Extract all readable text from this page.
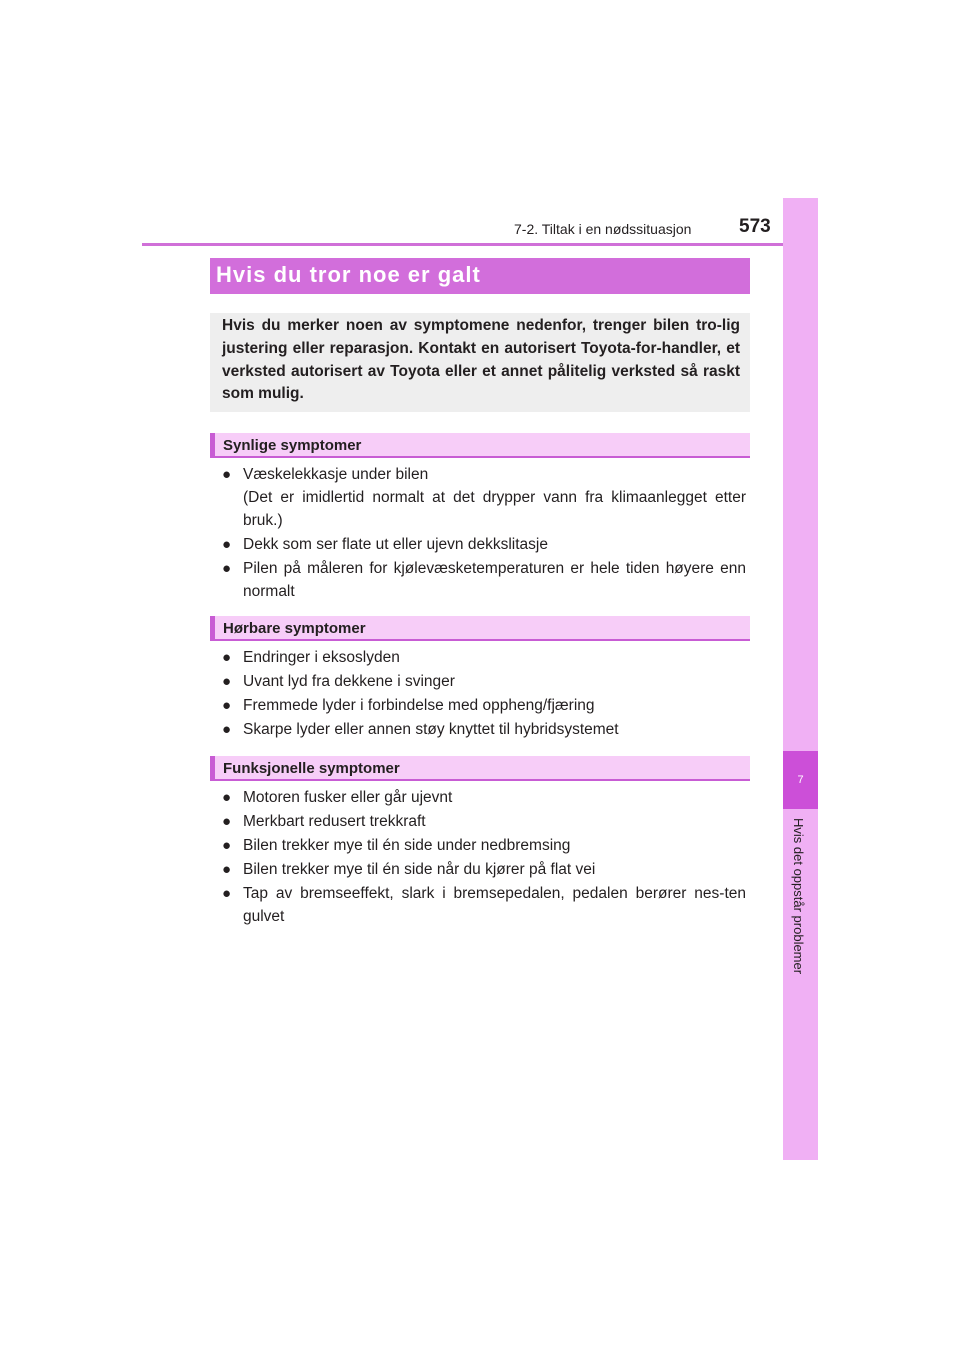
7-2. Tiltak i en nødssituasjon	573
7
Hvis det oppstår problemer
Hvis du tror noe er galt

Hvis du merker noen av symptomene nedenfor, trenger bilen tro-lig justering eller reparasjon. Kontakt en autorisert Toyota-for-handler, et verksted autorisert av Toyota eller et annet pålitelig verksted så raskt som mulig.

Synlige symptomer
● Væskelekkasje under bilen
(Det er imidlertid normalt at det drypper vann fra klimaanlegget etter bruk.)
● Dekk som ser flate ut eller ujevn dekkslitasje
● Pilen på måleren for kjølevæsketemperaturen er hele tiden høyere enn normalt
Hørbare symptomer
● Endringer i eksoslyden
● Uvant lyd fra dekkene i svinger
● Fremmede lyder i forbindelse med oppheng/fjæring
● Skarpe lyder eller annen støy knyttet til hybridsystemet
Funksjonelle symptomer
● Motoren fusker eller går ujevnt
● Merkbart redusert trekkraft
● Bilen trekker mye til én side under nedbremsing
● Bilen trekker mye til én side når du kjører på flat vei
● Tap av bremseeffekt, slark i bremsepedalen, pedalen berører nes-ten gulvet
